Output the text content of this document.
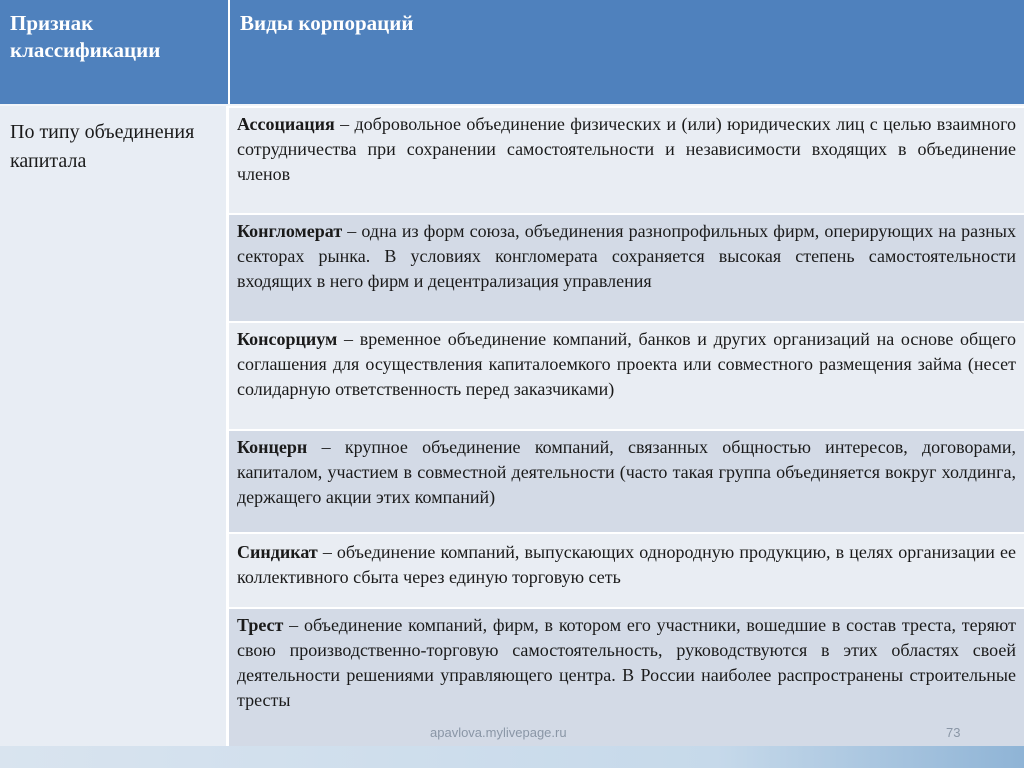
Признак классификации
Виды корпораций
По типу объединения капитала
Ассоциация – добровольное объединение физических и (или) юридических лиц с целью взаимного сотрудничества при сохранении самостоятельности и независимости входящих в объединение членов
Конгломерат – одна из форм союза, объединения разнопрофильных фирм, оперирующих на разных секторах рынка. В условиях конгломерата сохраняется высокая степень самостоятельности входящих в него фирм и децентрализация управления
Консорциум – временное объединение компаний, банков и других организаций на основе общего соглашения для осуществления капиталоемкого проекта или совместного размещения займа (несет солидарную ответственность перед заказчиками)
Концерн – крупное объединение компаний, связанных общностью интересов, договорами, капиталом, участием в совместной деятельности (часто такая группа объединяется вокруг холдинга, держащего акции этих компаний)
Синдикат – объединение компаний, выпускающих однородную продукцию, в целях организации ее коллективного сбыта через единую торговую сеть
Трест – объединение компаний, фирм, в котором его участники, вошедшие в состав треста, теряют свою производственно-торговую самостоятельность, руководствуются в этих областях своей деятельности решениями управляющего центра. В России наиболее распространены строительные тресты
apavlova.mylivepage.ru	73
